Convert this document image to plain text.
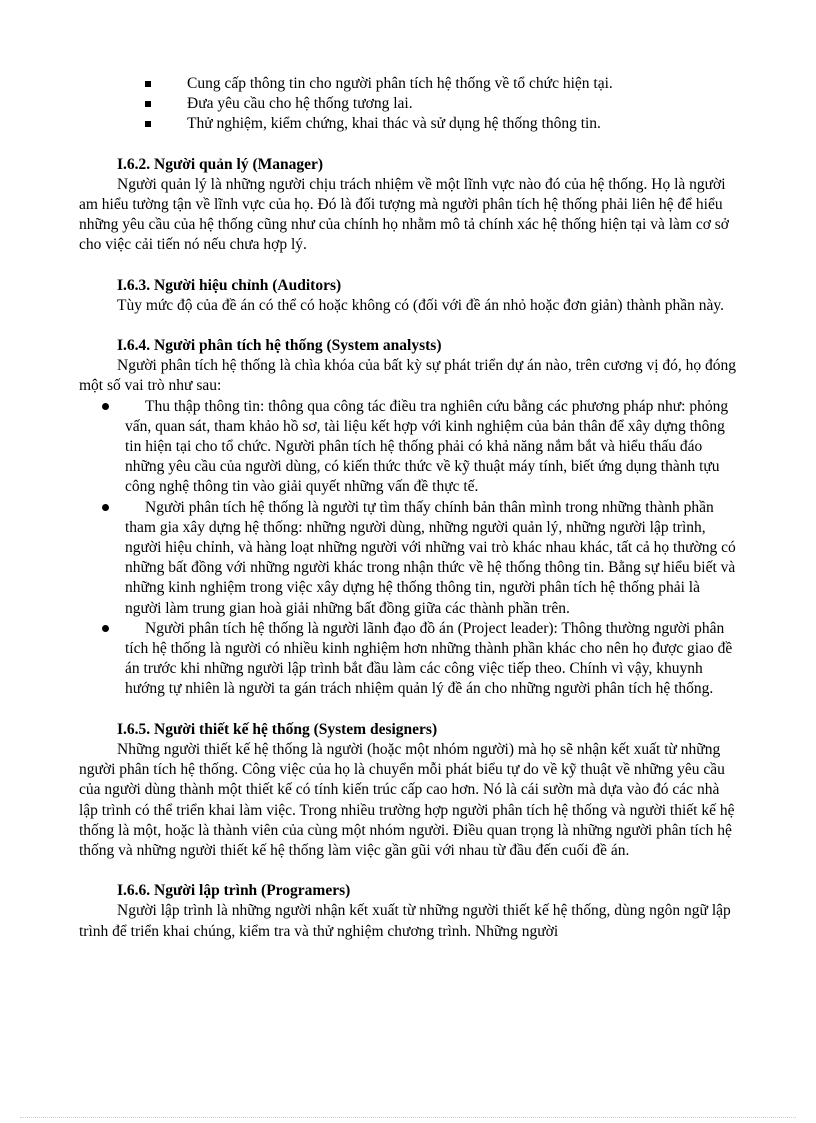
Cung cấp thông tin cho người phân tích hệ thống về tổ chức hiện tại.
Đưa yêu cầu cho hệ thống tương lai.
Thử nghiệm, kiểm chứng, khai thác và sử dụng hệ thống thông tin.
I.6.2. Người quản lý (Manager)

Người quản lý là những người chịu trách nhiệm về một lĩnh vực nào đó của hệ thống. Họ là người am hiểu tường tận về lĩnh vực của họ. Đó là đối tượng mà người phân tích hệ thống phải liên hệ để hiểu những yêu cầu của hệ thống cũng như của chính họ nhằm mô tả chính xác hệ thống hiện tại và làm cơ sở cho việc cải tiến nó nếu chưa hợp lý.

I.6.3. Người hiệu chỉnh (Auditors)

Tùy mức độ của đề án có thể có hoặc không có (đối với đề án nhỏ hoặc đơn giản) thành phần này.

I.6.4. Người phân tích hệ thống (System analysts)

Người phân tích hệ thống là chìa khóa của bất kỳ sự phát triển dự án nào, trên cương vị đó, họ đóng một số vai trò như sau:

Thu thập thông tin: thông qua công tác điều tra nghiên cứu bằng các phương pháp như: phỏng vấn, quan sát, tham khảo hồ sơ, tài liệu kết hợp với kinh nghiệm của bản thân để xây dựng thông tin hiện tại cho tổ chức. Người phân tích hệ thống phải có khả năng nắm bắt và hiểu thấu đáo những yêu cầu của người dùng, có kiến thức thức về kỹ thuật máy tính, biết ứng dụng thành tựu công nghệ thông tin vào giải quyết những vấn đề thực tế.
Người phân tích hệ thống là người tự tìm thấy chính bản thân mình trong những thành phần tham gia xây dựng hệ thống: những người dùng, những người quản lý, những người lập trình, người hiệu chỉnh, và hàng loạt những người với những vai trò khác nhau khác, tất cả họ thường có những bất đồng với những người khác trong nhận thức về hệ thống thông tin. Bằng sự hiểu biết và những kinh nghiệm trong việc xây dựng hệ thống thông tin, người phân tích hệ thống phải là người làm trung gian hoà giải những bất đồng giữa các thành phần trên.
Người phân tích hệ thống là người lãnh đạo đồ án (Project leader): Thông thường người phân tích hệ thống là người có nhiều kinh nghiệm hơn những thành phần khác cho nên họ được giao đề án trước khi những người lập trình bắt đầu làm các công việc tiếp theo. Chính vì vậy, khuynh hướng tự nhiên là người ta gán trách nhiệm quản lý đề án cho những người phân tích hệ thống.
I.6.5. Người thiết kế hệ thống (System designers)

Những người thiết kế hệ thống là người (hoặc một nhóm người) mà họ sẽ nhận kết xuất từ những người phân tích hệ thống. Công việc của họ là chuyển mỗi phát biểu tự do về kỹ thuật về những yêu cầu của người dùng thành một thiết kế có tính kiến trúc cấp cao hơn. Nó là cái sườn mà dựa vào đó các nhà lập trình có thể triển khai làm việc. Trong nhiều trường hợp người phân tích hệ thống và người thiết kế hệ thống là một, hoặc là thành viên của cùng một nhóm người. Điều quan trọng là những người phân tích hệ thống và những người thiết kế hệ thống làm việc gần gũi với nhau từ đầu đến cuối đề án.

I.6.6. Người lập trình (Programers)

Người lập trình là những người nhận kết xuất từ những người thiết kế hệ thống, dùng ngôn ngữ lập trình để triển khai chúng, kiểm tra và thử nghiệm chương trình. Những người
